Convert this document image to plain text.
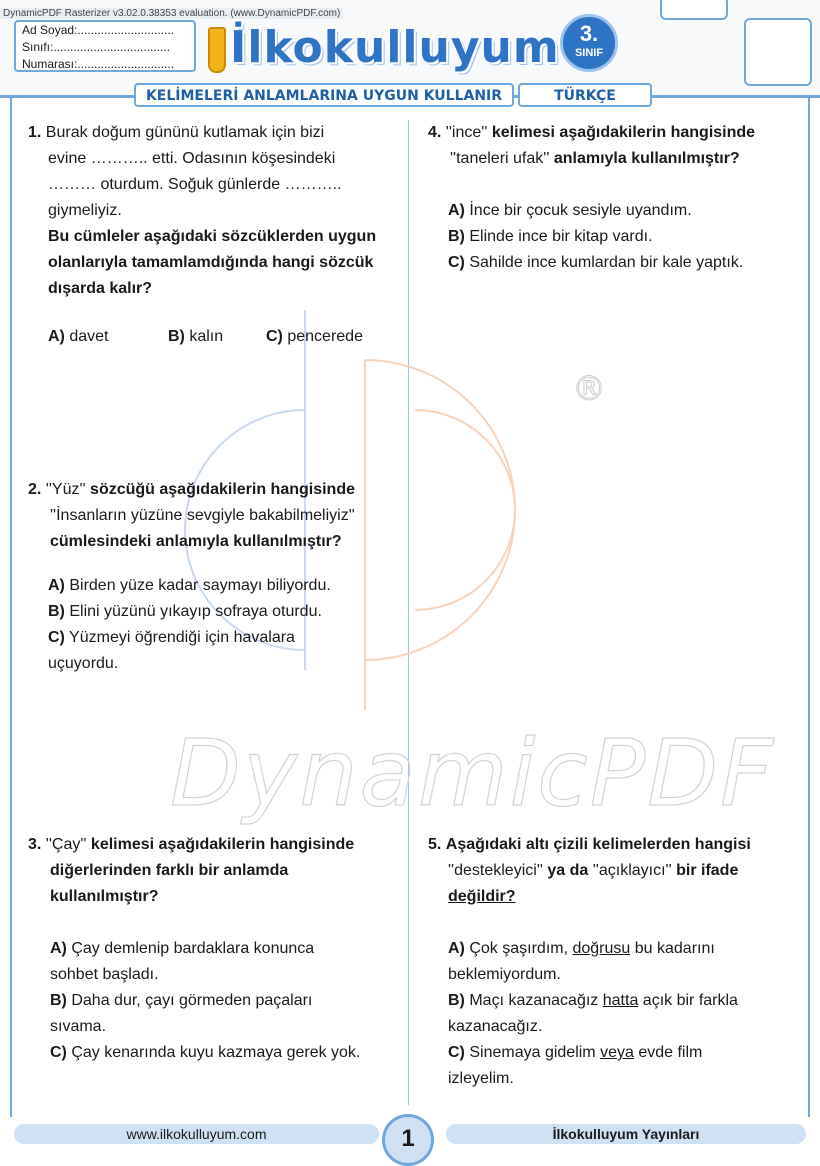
DynamicPDF Rasterizer v3.02.0.38353 evaluation. (www.DynamicPDF.com)
Ad Soyad:.............................
Sınıfı:...................................
Numarası:.............................	İlkokulluyum 3.
SINIF
KELİMELERİ ANLAMLARINA UYGUN KULLANIR	TÜRKÇE
®
DynamicPDF

1. Burak doğum gününü kutlamak için bizi

evine ……….. etti. Odasının köşesindeki

……… oturdum. Soğuk günlerde ………..

giymeliyiz.

Bu cümleler aşağıdaki sözcüklerden uygun

olanlarıyla tamamlamdığında hangi sözcük

dışarda kalır?

A) davet	B) kalın	C) pencerede

2. ''Yüz'' sözcüğü aşağıdakilerin hangisinde

''İnsanların yüzüne sevgiyle bakabilmeliyiz''

cümlesindeki anlamıyla kullanılmıştır?

A) Birden yüze kadar saymayı biliyordu.

B) Elini yüzünü yıkayıp sofraya oturdu.

C) Yüzmeyi öğrendiği için havalara

uçuyordu.

3. ''Çay'' kelimesi aşağıdakilerin hangisinde

diğerlerinden farklı bir anlamda

kullanılmıştır?

A) Çay demlenip bardaklara konunca

sohbet başladı.

B) Daha dur, çayı görmeden paçaları

sıvama.

C) Çay kenarında kuyu kazmaya gerek yok.

4. ''ince'' kelimesi aşağıdakilerin hangisinde

''taneleri ufak'' anlamıyla kullanılmıştır?

A) İnce bir çocuk sesiyle uyandım.

B) Elinde ince bir kitap vardı.

C) Sahilde ince kumlardan bir kale yaptık.

5. Aşağıdaki altı çizili kelimelerden hangisi

''destekleyici'' ya da ''açıklayıcı'' bir ifade

değildir?

A) Çok şaşırdım, doğrusu bu kadarını

beklemiyordum.

B) Maçı kazanacağız hatta açık bir farkla

kazanacağız.

C) Sinemaya gidelim veya evde film

izleyelim.

www.ilkokulluyum.com	İlkokulluyum Yayınları
1
